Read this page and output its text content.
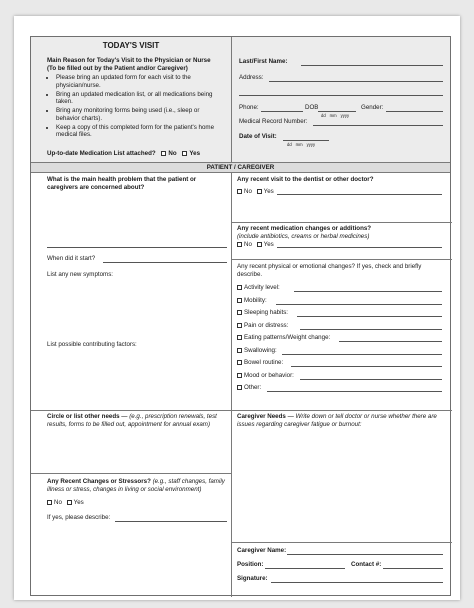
TODAY'S VISIT
Main Reason for Today's Visit to the Physician or Nurse
(To be filled out by the Patient and/or Caregiver)
• Please bring an updated form for each visit to the physician/nurse.
• Bring an updated medication list, or all medications being taken.
• Bring any monitoring forms being used (i.e., sleep or behavior charts).
• Keep a copy of this completed form for the patient's home medical files.
Up-to-date Medication List attached? No Yes
Last/First Name:
Address:
Phone:	DOB
dd mm yyyy
Gender:
Medical Record Number:
Date of Visit:
dd mm yyyy
PATIENT / CAREGIVER
What is the main health problem that the patient or caregivers are concerned about?
When did it start?
List any new symptoms:
List possible contributing factors:
Circle or list other needs — (e.g., prescription renewals, test results, forms to be filled out, appointment for annual exam)
Any Recent Changes or Stressors? (e.g., staff changes, family illness or stress, changes in living or social environment)
No Yes
If yes, please describe:
Any recent visit to the dentist or other doctor?
No Yes
Any recent medication changes or additions?
(include antibiotics, creams or herbal medicines)
No Yes
Any recent physical or emotional changes? If yes, check and briefly describe.
Caregiver Needs — Write down or tell doctor or nurse whether there are issues regarding caregiver fatigue or burnout:
Caregiver Name:
Position:	Contact #:
Signature:
Activity level:
Mobility:
Sleeping habits:
Pain or distress:
Eating patterns/Weight change:
Swallowing:
Bowel routine:
Mood or behavior:
Other:
